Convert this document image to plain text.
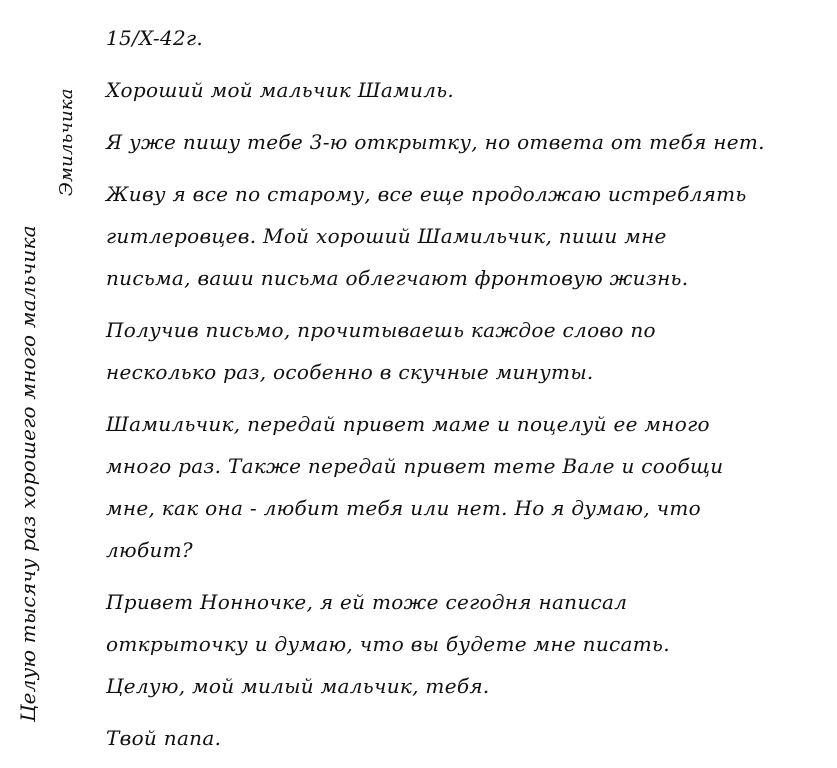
Целую тысячу раз хорошего много мальчика
Эмильчика

15/X-42г.

Хороший мой мальчик Шамиль.

Я уже пишу тебе 3-ю открытку, но ответа от тебя нет.

Живу я все по старому, все еще продолжаю истреблять

гитлеровцев. Мой хороший Шамильчик, пиши мне

письма, ваши письма облегчают фронтовую жизнь.

Получив письмо, прочитываешь каждое слово по

несколько раз, особенно в скучные минуты.

Шамильчик, передай привет маме и поцелуй ее много

много раз. Также передай привет тете Вале и сообщи

мне, как она - любит тебя или нет. Но я думаю, что

любит?

Привет Нонночке, я ей тоже сегодня написал

открыточку и думаю, что вы будете мне писать.

Целую, мой милый мальчик, тебя.

Твой папа.
